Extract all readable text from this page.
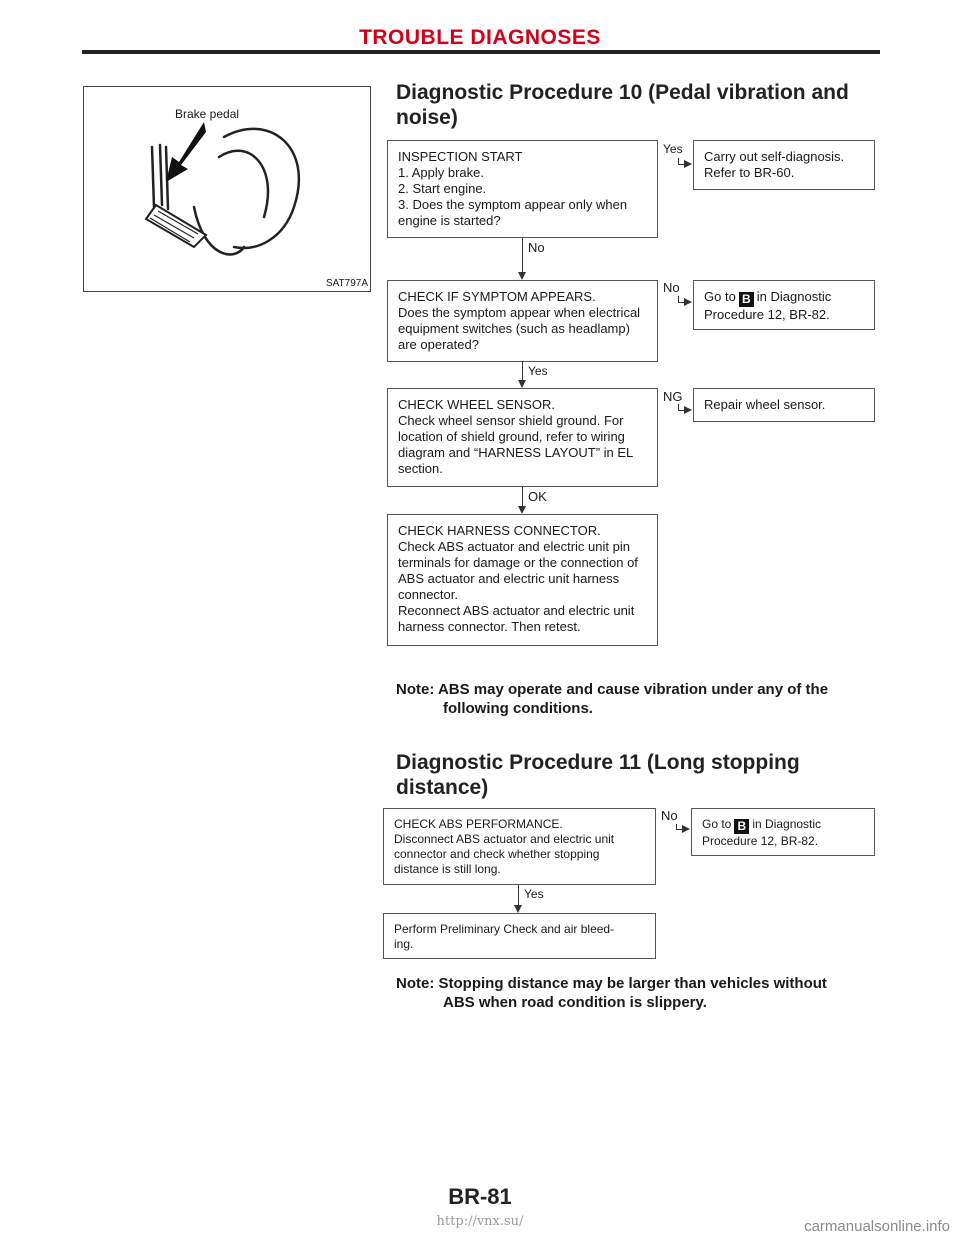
TROUBLE DIAGNOSES
Brake pedal
SAT797A
Diagnostic Procedure 10 (Pedal vibration and noise)
INSPECTION START
1. Apply brake.
2. Start engine.
3. Does the symptom appear only when
engine is started?
CHECK IF SYMPTOM APPEARS.
Does the symptom appear when electrical
equipment switches (such as headlamp)
are operated?
CHECK WHEEL SENSOR.
Check wheel sensor shield ground. For
location of shield ground, refer to wiring
diagram and “HARNESS LAYOUT” in EL
section.
CHECK HARNESS CONNECTOR.
Check ABS actuator and electric unit pin
terminals for damage or the connection of
ABS actuator and electric unit harness
connector.
Reconnect ABS actuator and electric unit
harness connector. Then retest.
No
Yes
OK
Yes	Carry out self-diagnosis.
Refer to BR-60.
No
Go to B in Diagnostic
Procedure 12, BR-82.
NG
Repair wheel sensor.
Note: ABS may operate and cause vibration under any of the
following conditions.
Diagnostic Procedure 11 (Long stopping distance)
CHECK ABS PERFORMANCE.
Disconnect ABS actuator and electric unit
connector and check whether stopping
distance is still long.
Yes
Perform Preliminary Check and air bleed-
ing.
No
Go to B in Diagnostic
Procedure 12, BR-82.
Note: Stopping distance may be larger than vehicles without
ABS when road condition is slippery.
BR-81
http://vnx.su/	carmanualsonline.info
